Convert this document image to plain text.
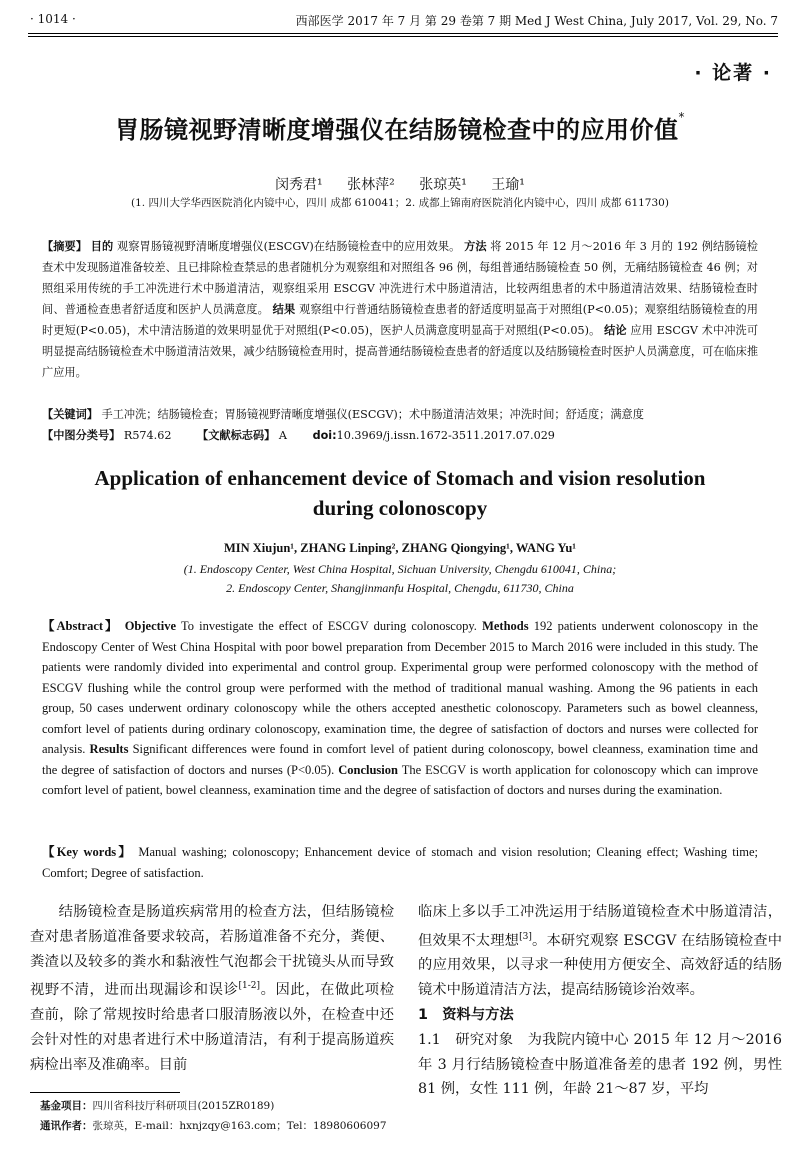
· 1014 ·	西部医学 2017 年 7 月 第 29 卷第 7 期 Med J West China, July 2017, Vol. 29, No. 7
· 论著 ·
胃肠镜视野清晰度增强仪在结肠镜检查中的应用价值*
闵秀君¹ 张林萍² 张琼英¹ 王瑜¹
(1. 四川大学华西医院消化内镜中心，四川 成都 610041；2. 成都上锦南府医院消化内镜中心，四川 成都 611730)
【摘要】 目的 观察胃肠镜视野清晰度增强仪(ESCGV)在结肠镜检查中的应用效果。 方法 将 2015 年 12 月～2016 年 3 月的 192 例结肠镜检查术中发现肠道准备较差、且已排除检查禁忌的患者随机分为观察组和对照组各 96 例，每组普通结肠镜检查 50 例，无痛结肠镜检查 46 例；对照组采用传统的手工冲洗进行术中肠道清洁，观察组采用 ESCGV 冲洗进行术中肠道清洁，比较两组患者的术中肠道清洁效果、结肠镜检查时间、普通检查患者舒适度和医护人员满意度。 结果 观察组中行普通结肠镜检查患者的舒适度明显高于对照组(P<0.05)；观察组结肠镜检查的用时更短(P<0.05)，术中清洁肠道的效果明显优于对照组(P<0.05)，医护人员满意度明显高于对照组(P<0.05)。 结论 应用 ESCGV 术中冲洗可明显提高结肠镜检查术中肠道清洁效果，减少结肠镜检查用时，提高普通结肠镜检查患者的舒适度以及结肠镜检查时医护人员满意度，可在临床推广应用。
【关键词】 手工冲洗；结肠镜检查；胃肠镜视野清晰度增强仪(ESCGV)；术中肠道清洁效果；冲洗时间；舒适度；满意度
【中图分类号】 R574.62 【文献标志码】 A doi:10.3969/j.issn.1672-3511.2017.07.029
Application of enhancement device of Stomach and vision resolution
during colonoscopy
MIN Xiujun¹, ZHANG Linping², ZHANG Qiongying¹, WANG Yu¹
(1. Endoscopy Center, West China Hospital, Sichuan University, Chengdu 610041, China;
2. Endoscopy Center, Shangjinmanfu Hospital, Chengdu, 611730, China
【Abstract】 Objective To investigate the effect of ESCGV during colonoscopy. Methods 192 patients underwent colonoscopy in the Endoscopy Center of West China Hospital with poor bowel preparation from December 2015 to March 2016 were included in this study. The patients were randomly divided into experimental and control group. Experimental group were performed colonoscopy with the method of ESCGV flushing while the control group were performed with the method of traditional manual washing. Among the 96 patients in each group, 50 cases underwent ordinary colonoscopy while the others accepted anesthetic colonoscopy. Parameters such as bowel cleanness, comfort level of patients during ordinary colonoscopy, examination time, the degree of satisfaction of doctors and nurses were collected for analysis. Results Significant differences were found in comfort level of patient during colonoscopy, bowel cleanness, examination time and the degree of satisfaction of doctors and nurses (P<0.05). Conclusion The ESCGV is worth application for colonoscopy which can improve comfort level of patient, bowel cleanness, examination time and the degree of satisfaction of doctors and nurses during the examination.
【Key words】 Manual washing; colonoscopy; Enhancement device of stomach and vision resolution; Cleaning effect; Washing time; Comfort; Degree of satisfaction.

结肠镜检查是肠道疾病常用的检查方法，但结肠镜检查对患者肠道准备要求较高，若肠道准备不充分，粪便、粪渣以及较多的粪水和黏液性气泡都会干扰镜头从而导致视野不清，进而出现漏诊和误诊[1-2]。因此，在做此项检查前，除了常规按时给患者口服清肠液以外，在检查中还会针对性的对患者进行术中肠道清洁，有利于提高肠道疾病检出率及准确率。目前

临床上多以手工冲洗运用于结肠道镜检查术中肠道清洁，但效果不太理想[3]。本研究观察 ESCGV 在结肠镜检查中的应用效果，以寻求一种使用方便安全、高效舒适的结肠镜术中肠道清洁方法，提高结肠镜诊治效率。

1　资料与方法

1.1　研究对象　 为我院内镜中心 2015 年 12 月～2016 年 3 月行结肠镜检查中肠道准备差的患者 192 例，男性 81 例，女性 111 例，年龄 21～87 岁，平均

基金项目：四川省科技厅科研项目(2015ZR0189)
通讯作者：张琼英，E-mail：hxnjzqy@163.com；Tel：18980606097
